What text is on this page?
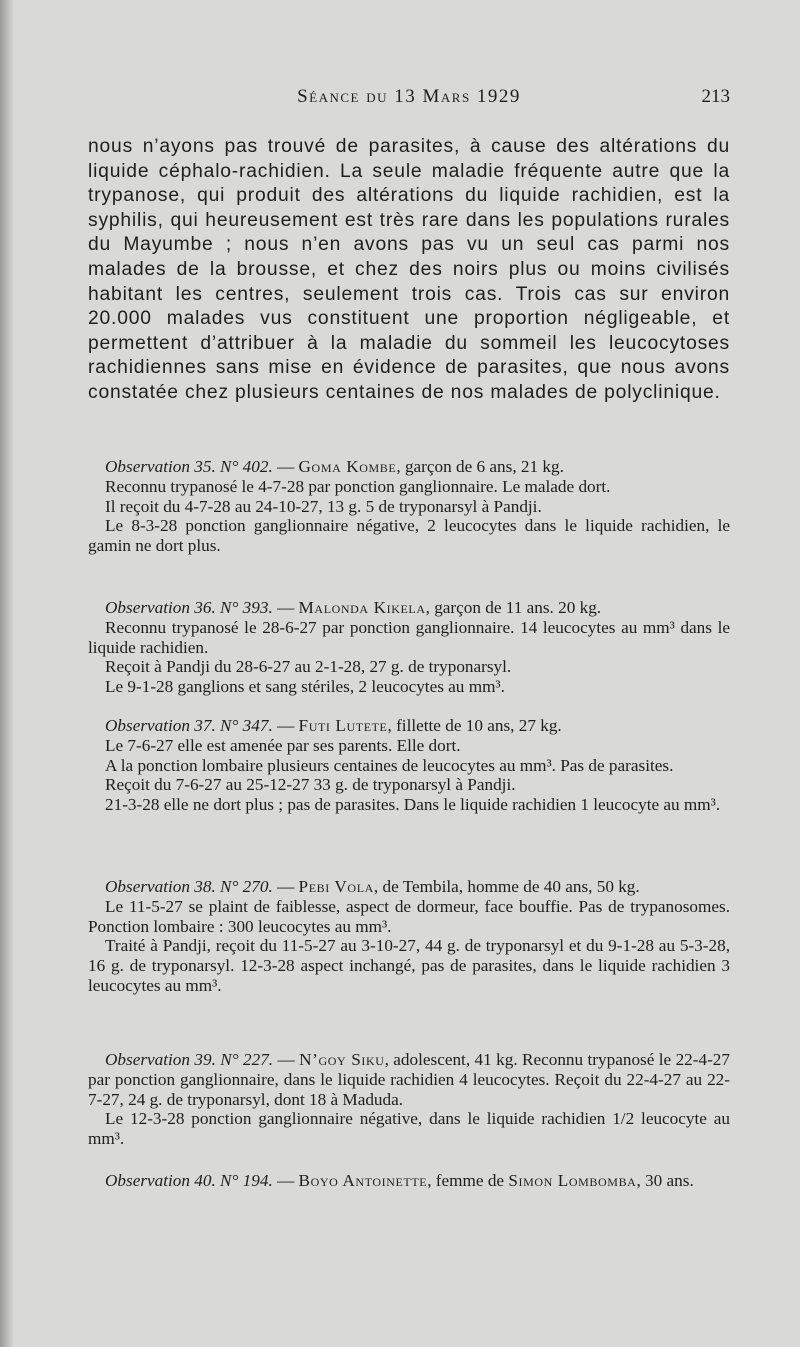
Séance du 13 Mars 1929	213

nous n’ayons pas trouvé de parasites, à cause des altérations du liquide céphalo-rachidien. La seule maladie fréquente autre que la trypanose, qui produit des altérations du liquide rachidien, est la syphilis, qui heureusement est très rare dans les populations rurales du Mayumbe ; nous n’en avons pas vu un seul cas parmi nos malades de la brousse, et chez des noirs plus ou moins civilisés habitant les centres, seulement trois cas. Trois cas sur environ 20.000 malades vus constituent une proportion négligeable, et permettent d’attribuer à la maladie du sommeil les leucocytoses rachidiennes sans mise en évidence de parasites, que nous avons constatée chez plusieurs centaines de nos malades de polyclinique.

Observation 35. N° 402. — Goma Kombe, garçon de 6 ans, 21 kg.

Reconnu trypanosé le 4-7-28 par ponction ganglionnaire. Le malade dort.

Il reçoit du 4-7-28 au 24-10-27, 13 g. 5 de tryponarsyl à Pandji.

Le 8-3-28 ponction ganglionnaire négative, 2 leucocytes dans le liquide rachidien, le gamin ne dort plus.

Observation 36. N° 393. — Malonda Kikela, garçon de 11 ans. 20 kg.

Reconnu trypanosé le 28-6-27 par ponction ganglionnaire. 14 leucocytes au mm³ dans le liquide rachidien.

Reçoit à Pandji du 28-6-27 au 2-1-28, 27 g. de tryponarsyl.

Le 9-1-28 ganglions et sang stériles, 2 leucocytes au mm³.

Observation 37. N° 347. — Futi Lutete, fillette de 10 ans, 27 kg.

Le 7-6-27 elle est amenée par ses parents. Elle dort.

A la ponction lombaire plusieurs centaines de leucocytes au mm³. Pas de parasites.

Reçoit du 7-6-27 au 25-12-27 33 g. de tryponarsyl à Pandji.

21-3-28 elle ne dort plus ; pas de parasites. Dans le liquide rachidien 1 leucocyte au mm³.

Observation 38. N° 270. — Pebi Vola, de Tembila, homme de 40 ans, 50 kg.

Le 11-5-27 se plaint de faiblesse, aspect de dormeur, face bouffie. Pas de trypanosomes. Ponction lombaire : 300 leucocytes au mm³.

Traité à Pandji, reçoit du 11-5-27 au 3-10-27, 44 g. de tryponarsyl et du 9-1-28 au 5-3-28, 16 g. de tryponarsyl. 12-3-28 aspect inchangé, pas de parasites, dans le liquide rachidien 3 leucocytes au mm³.

Observation 39. N° 227. — N’goy Siku, adolescent, 41 kg. Reconnu trypanosé le 22-4-27 par ponction ganglionnaire, dans le liquide rachidien 4 leucocytes. Reçoit du 22-4-27 au 22-7-27, 24 g. de tryponarsyl, dont 18 à Maduda.

Le 12-3-28 ponction ganglionnaire négative, dans le liquide rachidien 1/2 leucocyte au mm³.

Observation 40. N° 194. — Boyo Antoinette, femme de Simon Lombomba, 30 ans.
